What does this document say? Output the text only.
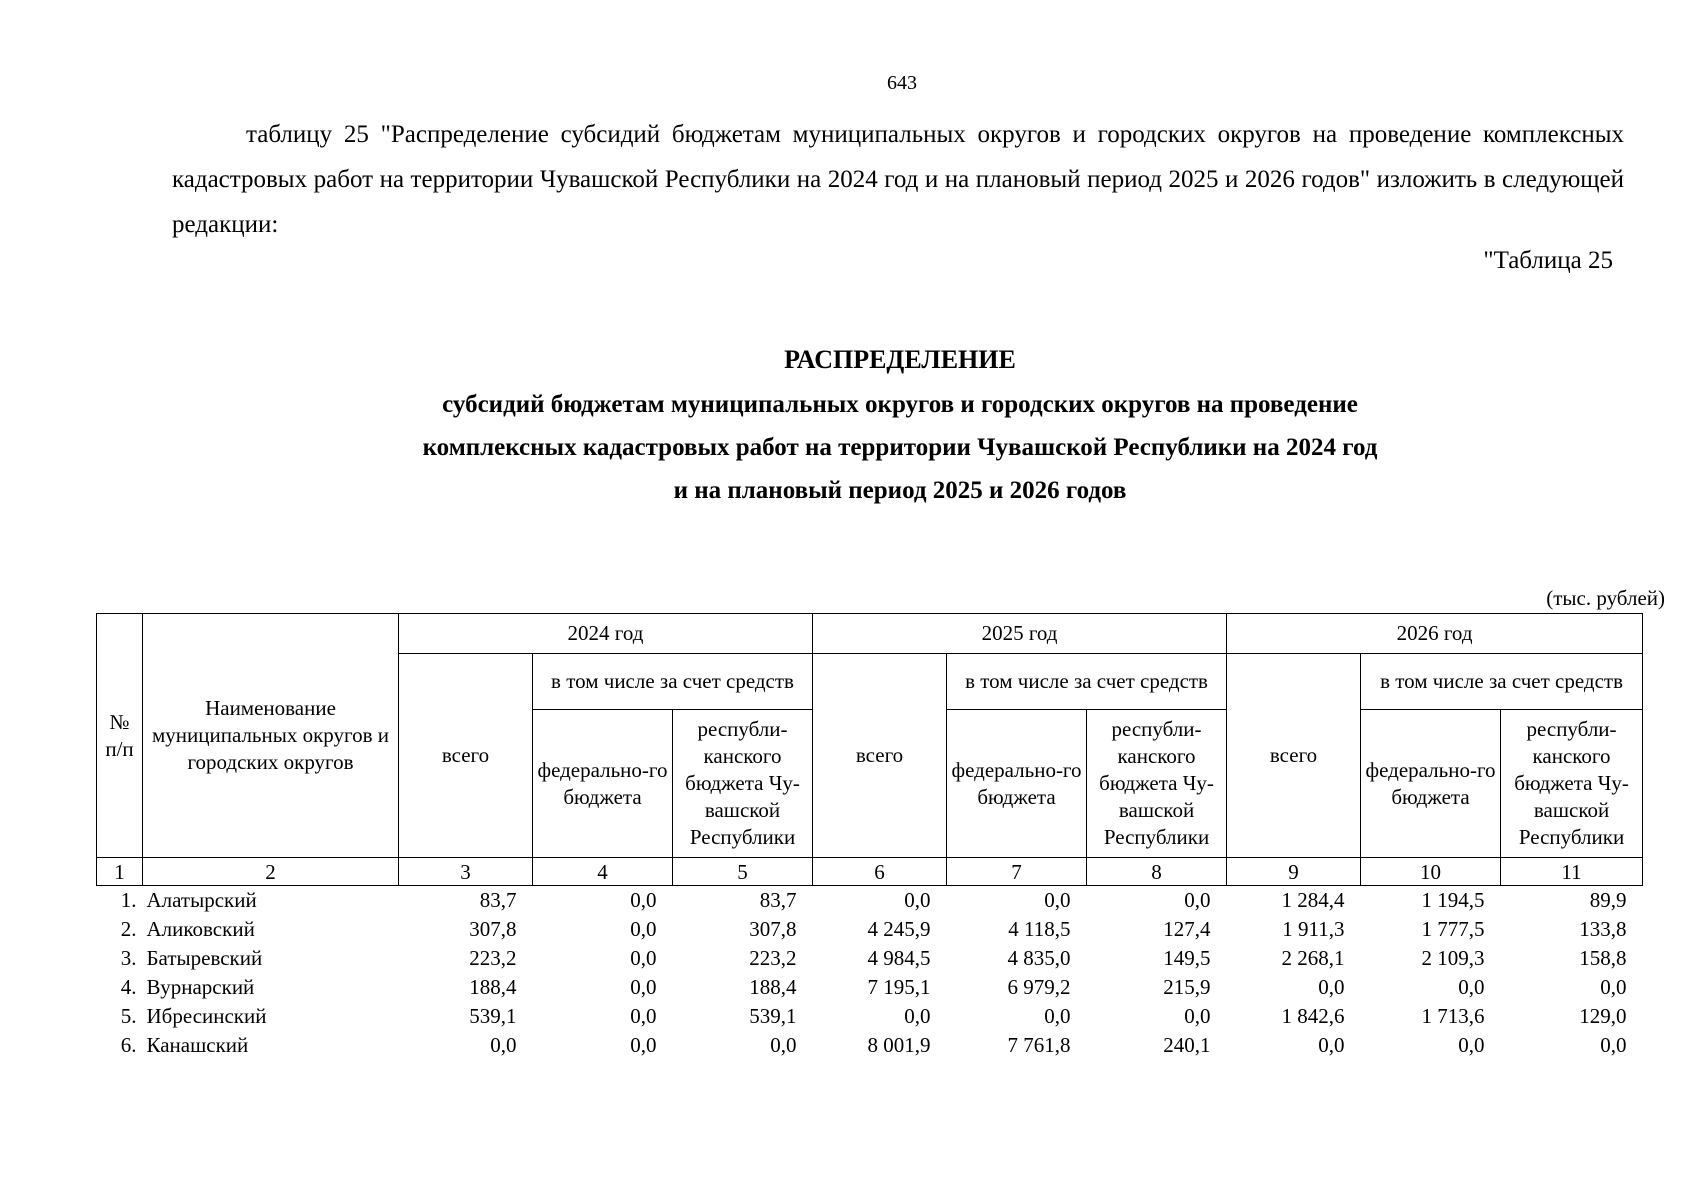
643

таблицу 25 "Распределение субсидий бюджетам муниципальных округов и городских округов на проведение комплексных кадастровых работ на территории Чувашской Республики на 2024 год и на плановый период 2025 и 2026 годов" изложить в следующей редакции:

"Таблица 25
РАСПРЕДЕЛЕНИЕ
субсидий бюджетам муниципальных округов и городских округов на проведение
комплексных кадастровых работ на территории Чувашской Республики на 2024 год
и на плановый период 2025 и 2026 годов
(тыс. рублей)
№ п/п	Наименование муниципальных округов и городских округов	2024 год			2025 год			2026 год		
		всего	в том числе за счет средств		всего	в том числе за счет средств		всего	в том числе за счет средств	
			федерально-го бюджета	республи-канского бюджета Чу-вашской Республики		федерально-го бюджета	республи-канского бюджета Чу-вашской Республики		федерально-го бюджета	республи-канского бюджета Чу-вашской Республики
1	2	3	4	5	6	7	8	9	10	11
1.	Алатырский	83,7	0,0	83,7	0,0	0,0	0,0	1 284,4	1 194,5	89,9
2.	Аликовский	307,8	0,0	307,8	4 245,9	4 118,5	127,4	1 911,3	1 777,5	133,8
3.	Батыревский	223,2	0,0	223,2	4 984,5	4 835,0	149,5	2 268,1	2 109,3	158,8
4.	Вурнарский	188,4	0,0	188,4	7 195,1	6 979,2	215,9	0,0	0,0	0,0
5.	Ибресинский	539,1	0,0	539,1	0,0	0,0	0,0	1 842,6	1 713,6	129,0
6.	Канашский	0,0	0,0	0,0	8 001,9	7 761,8	240,1	0,0	0,0	0,0
